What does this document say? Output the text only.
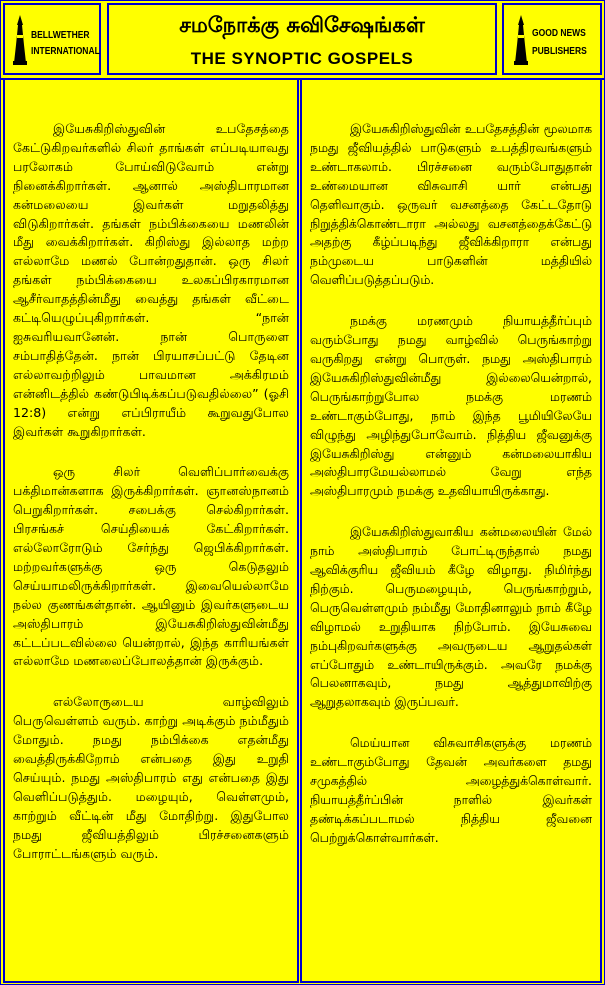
BELLWETHER
INTERNATIONAL
சமநோக்கு சுவிசேஷங்கள்
THE SYNOPTIC GOSPELS
GOOD NEWS
PUBLISHERS

இயேசுகிறிஸ்துவின் உபதேசத்தை கேட்டுகிறவர்களில் சிலர் தாங்கள் எப்படியாவது பரலோகம் போய்விடுவோம் என்று நினைக்கிறார்கள். ஆனால் அஸ்திபாரமான கன்மலையை இவர்கள் மறுதலித்து விடுகிறார்கள். தங்கள் நம்பிக்கையை மணலின் மீது வைக்கிறார்கள். கிறிஸ்து இல்லாத மற்ற எல்லாமே மணல் போன்றதுதான். ஒரு சிலர் தங்கள் நம்பிக்கையை உலகப்பிரகாரமான ஆசீர்வாதத்தின்மீது வைத்து தங்கள் வீட்டை கட்டியெழுப்புகிறார்கள். “நான் ஐசுவரியவானேன். நான் பொருளை சம்பாதித்தேன். நான் பிரயாசப்பட்டு தேடின எல்லாவற்றிலும் பாவமான அக்கிரமம் என்னிடத்தில் கண்டுபிடிக்கப்படுவதில்லை” (ஓசி 12:8) என்று எப்பிராயீம் கூறுவதுபோல இவர்கள் கூறுகிறார்கள்.

ஒரு சிலர் வெளிப்பார்வைக்கு பக்திமான்களாக இருக்கிறார்கள். ஞானஸ்நானம் பெறுகிறார்கள். சபைக்கு செல்கிறார்கள். பிரசங்கச் செய்தியைக் கேட்கிறார்கள். எல்லோரோடும் சேர்ந்து ஜெபிக்கிறார்கள். மற்றவர்களுக்கு ஒரு கெடுதலும் செய்யாமலிருக்கிறார்கள். இவையெல்லாமே நல்ல குணங்கள்தான். ஆயினும் இவர்களுடைய அஸ்திபாரம் இயேசுகிறிஸ்துவின்மீது கட்டப்படவில்லை யென்றால், இந்த காரியங்கள் எல்லாமே மணலைப்போலத்தான் இருக்கும்.

எல்லோருடைய வாழ்விலும் பெருவெள்ளம் வரும். காற்று அடிக்கும் நம்மீதும் மோதும். நமது நம்பிக்கை எதன்மீது வைத்திருக்கிறோம் என்பதை இது உறுதி செய்யும். நமது அஸ்திபாரம் எது என்பதை இது வெளிப்படுத்தும். மழையும், வெள்ளமும், காற்றும் வீட்டின் மீது மோதிற்று. இதுபோல நமது ஜீவியத்திலும் பிரச்சனைகளும் போராட்டங்களும் வரும்.

இயேசுகிறிஸ்துவின் உபதேசத்தின் மூலமாக நமது ஜீவியத்தில் பாடுகளும் உபத்திரவங்களும் உண்டாகலாம். பிரச்சனை வரும்போதுதான் உண்மையான விசுவாசி யார் என்பது தெளிவாகும். ஒருவர் வசனத்தை கேட்டதோடு நிறுத்திக்கொண்டாரா அல்லது வசனத்தைக்கேட்டு அதற்கு கீழ்ப்படிந்து ஜீவிக்கிறாரா என்பது நம்முடைய பாடுகளின் மத்தியில் வெளிப்படுத்தப்படும்.

நமக்கு மரணமும் நியாயத்தீர்ப்பும் வரும்போது நமது வாழ்வில் பெருங்காற்று வருகிறது என்று பொருள். நமது அஸ்திபாரம் இயேசுகிறிஸ்துவின்மீது இல்லையென்றால், பெருங்காற்றுபோல நமக்கு மரணம் உண்டாகும்போது, நாம் இந்த பூமியிலேயே விழுந்து அழிந்துபோவோம். நித்திய ஜீவனுக்கு இயேசுகிறிஸ்து என்னும் கன்மலையாகிய அஸ்திபாரமேயல்லாமல் வேறு எந்த அஸ்திபாரமும் நமக்கு உதவியாயிருக்காது.

இயேசுகிறிஸ்துவாகிய கன்மலையின் மேல் நாம் அஸ்திபாரம் போட்டிருந்தால் நமது ஆவிக்குரிய ஜீவியம் கீழே விழாது. நிமிர்ந்து நிற்கும். பெருமழையும், பெருங்காற்றும், பெருவெள்ளமும் நம்மீது மோதினாலும் நாம் கீழே விழாமல் உறுதியாக நிற்போம். இயேசுவை நம்புகிறவர்களுக்கு அவருடைய ஆறுதல்கள் எப்போதும் உண்டாயிருக்கும். அவரே நமக்கு பெலனாகவும், நமது ஆத்துமாவிற்கு ஆறுதலாகவும் இருப்பவர்.

மெய்யான விசுவாசிகளுக்கு மரணம் உண்டாகும்போது தேவன் அவர்களை தமது சமுகத்தில் அழைத்துக்கொள்வார். நியாயத்தீர்ப்பின் நாளில் இவர்கள் தண்டிக்கப்படாமல் நித்திய ஜீவனை பெற்றுக்கொள்வார்கள்.
